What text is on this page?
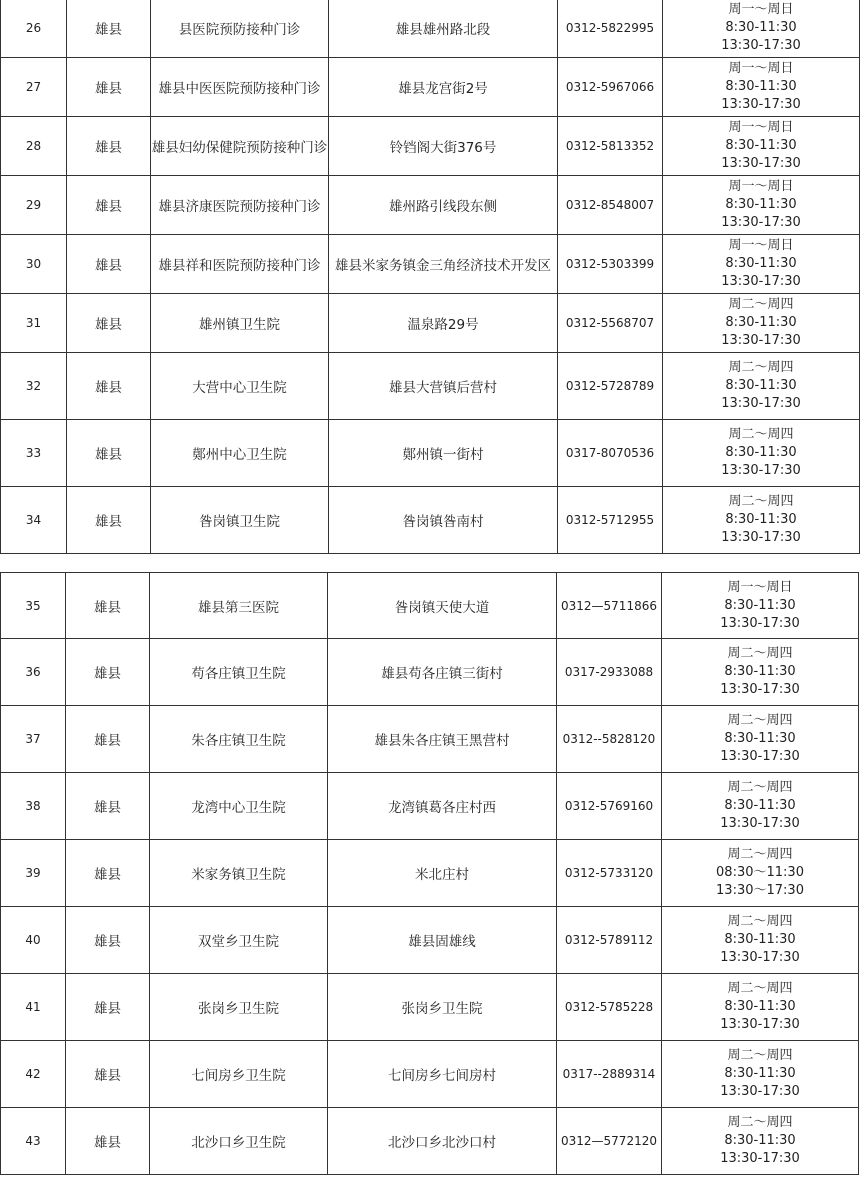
26	雄县	县医院预防接种门诊	雄县雄州路北段	0312-5822995	周一～周日
8:30-11:30
13:30-17:30

27	雄县	雄县中医医院预防接种门诊	雄县龙宫街2号	0312-5967066	周一～周日
8:30-11:30
13:30-17:30

28	雄县	雄县妇幼保健院预防接种门诊	铃铛阁大街376号	0312-5813352	周一～周日
8:30-11:30
13:30-17:30

29	雄县	雄县济康医院预防接种门诊	雄州路引线段东侧	0312-8548007	周一～周日
8:30-11:30
13:30-17:30

30	雄县	雄县祥和医院预防接种门诊	雄县米家务镇金三角经济技术开发区	0312-5303399	周一～周日
8:30-11:30
13:30-17:30

31	雄县	雄州镇卫生院	温泉路29号	0312-5568707	周二～周四
8:30-11:30
13:30-17:30

32	雄县	大营中心卫生院	雄县大营镇后营村	0312-5728789	周二～周四
8:30-11:30
13:30-17:30

33	雄县	鄚州中心卫生院	鄚州镇一街村	0317-8070536	周二～周四
8:30-11:30
13:30-17:30

34	雄县	昝岗镇卫生院	昝岗镇昝南村	0312-5712955	周二～周四
8:30-11:30
13:30-17:30
35	雄县	雄县第三医院	昝岗镇天使大道	0312—5711866	周一～周日
8:30-11:30
13:30-17:30

36	雄县	苟各庄镇卫生院	雄县苟各庄镇三街村	0317-2933088	周二～周四
8:30-11:30
13:30-17:30

37	雄县	朱各庄镇卫生院	雄县朱各庄镇王黑营村	0312--5828120	周二～周四
8:30-11:30
13:30-17:30

38	雄县	龙湾中心卫生院	龙湾镇葛各庄村西	0312-5769160	周二～周四
8:30-11:30
13:30-17:30

39	雄县	米家务镇卫生院	米北庄村	0312-5733120	周二～周四
08:30～11:30
13:30～17:30

40	雄县	双堂乡卫生院	雄县固雄线	0312-5789112	周二～周四
8:30-11:30
13:30-17:30

41	雄县	张岗乡卫生院	张岗乡卫生院	0312-5785228	周二～周四
8:30-11:30
13:30-17:30

42	雄县	七间房乡卫生院	七间房乡七间房村	0317--2889314	周二～周四
8:30-11:30
13:30-17:30

43	雄县	北沙口乡卫生院	北沙口乡北沙口村	0312—5772120	周二～周四
8:30-11:30
13:30-17:30
